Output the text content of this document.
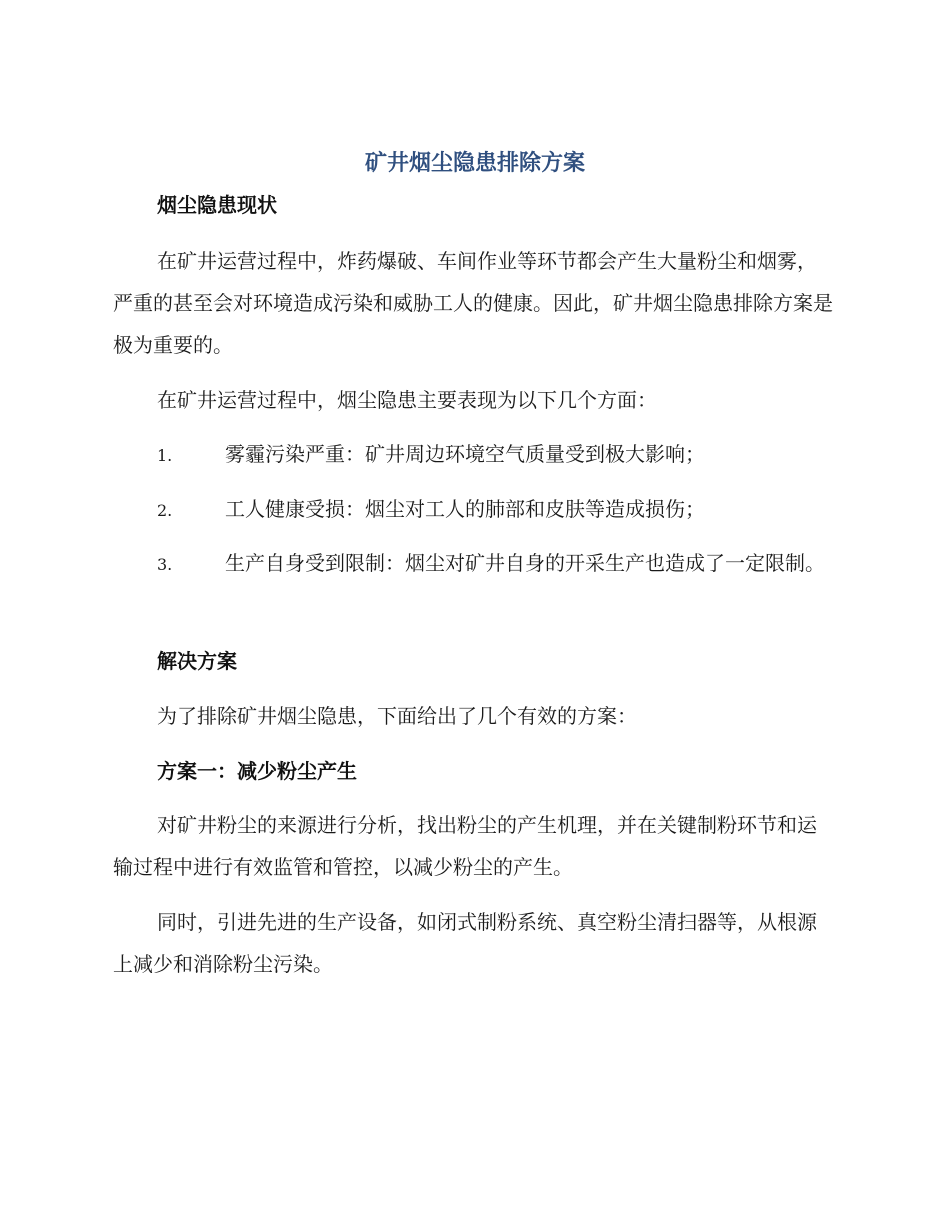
矿井烟尘隐患排除方案
烟尘隐患现状
在矿井运营过程中，炸药爆破、车间作业等环节都会产生大量粉尘和烟雾，严重的甚至会对环境造成污染和威胁工人的健康。因此，矿井烟尘隐患排除方案是极为重要的。
在矿井运营过程中，烟尘隐患主要表现为以下几个方面：
1.	雾霾污染严重：矿井周边环境空气质量受到极大影响；
2.	工人健康受损：烟尘对工人的肺部和皮肤等造成损伤；
3.	生产自身受到限制：烟尘对矿井自身的开采生产也造成了一定限制。
解决方案
为了排除矿井烟尘隐患，下面给出了几个有效的方案：
方案一：减少粉尘产生
对矿井粉尘的来源进行分析，找出粉尘的产生机理，并在关键制粉环节和运输过程中进行有效监管和管控，以减少粉尘的产生。
同时，引进先进的生产设备，如闭式制粉系统、真空粉尘清扫器等，从根源上减少和消除粉尘污染。
